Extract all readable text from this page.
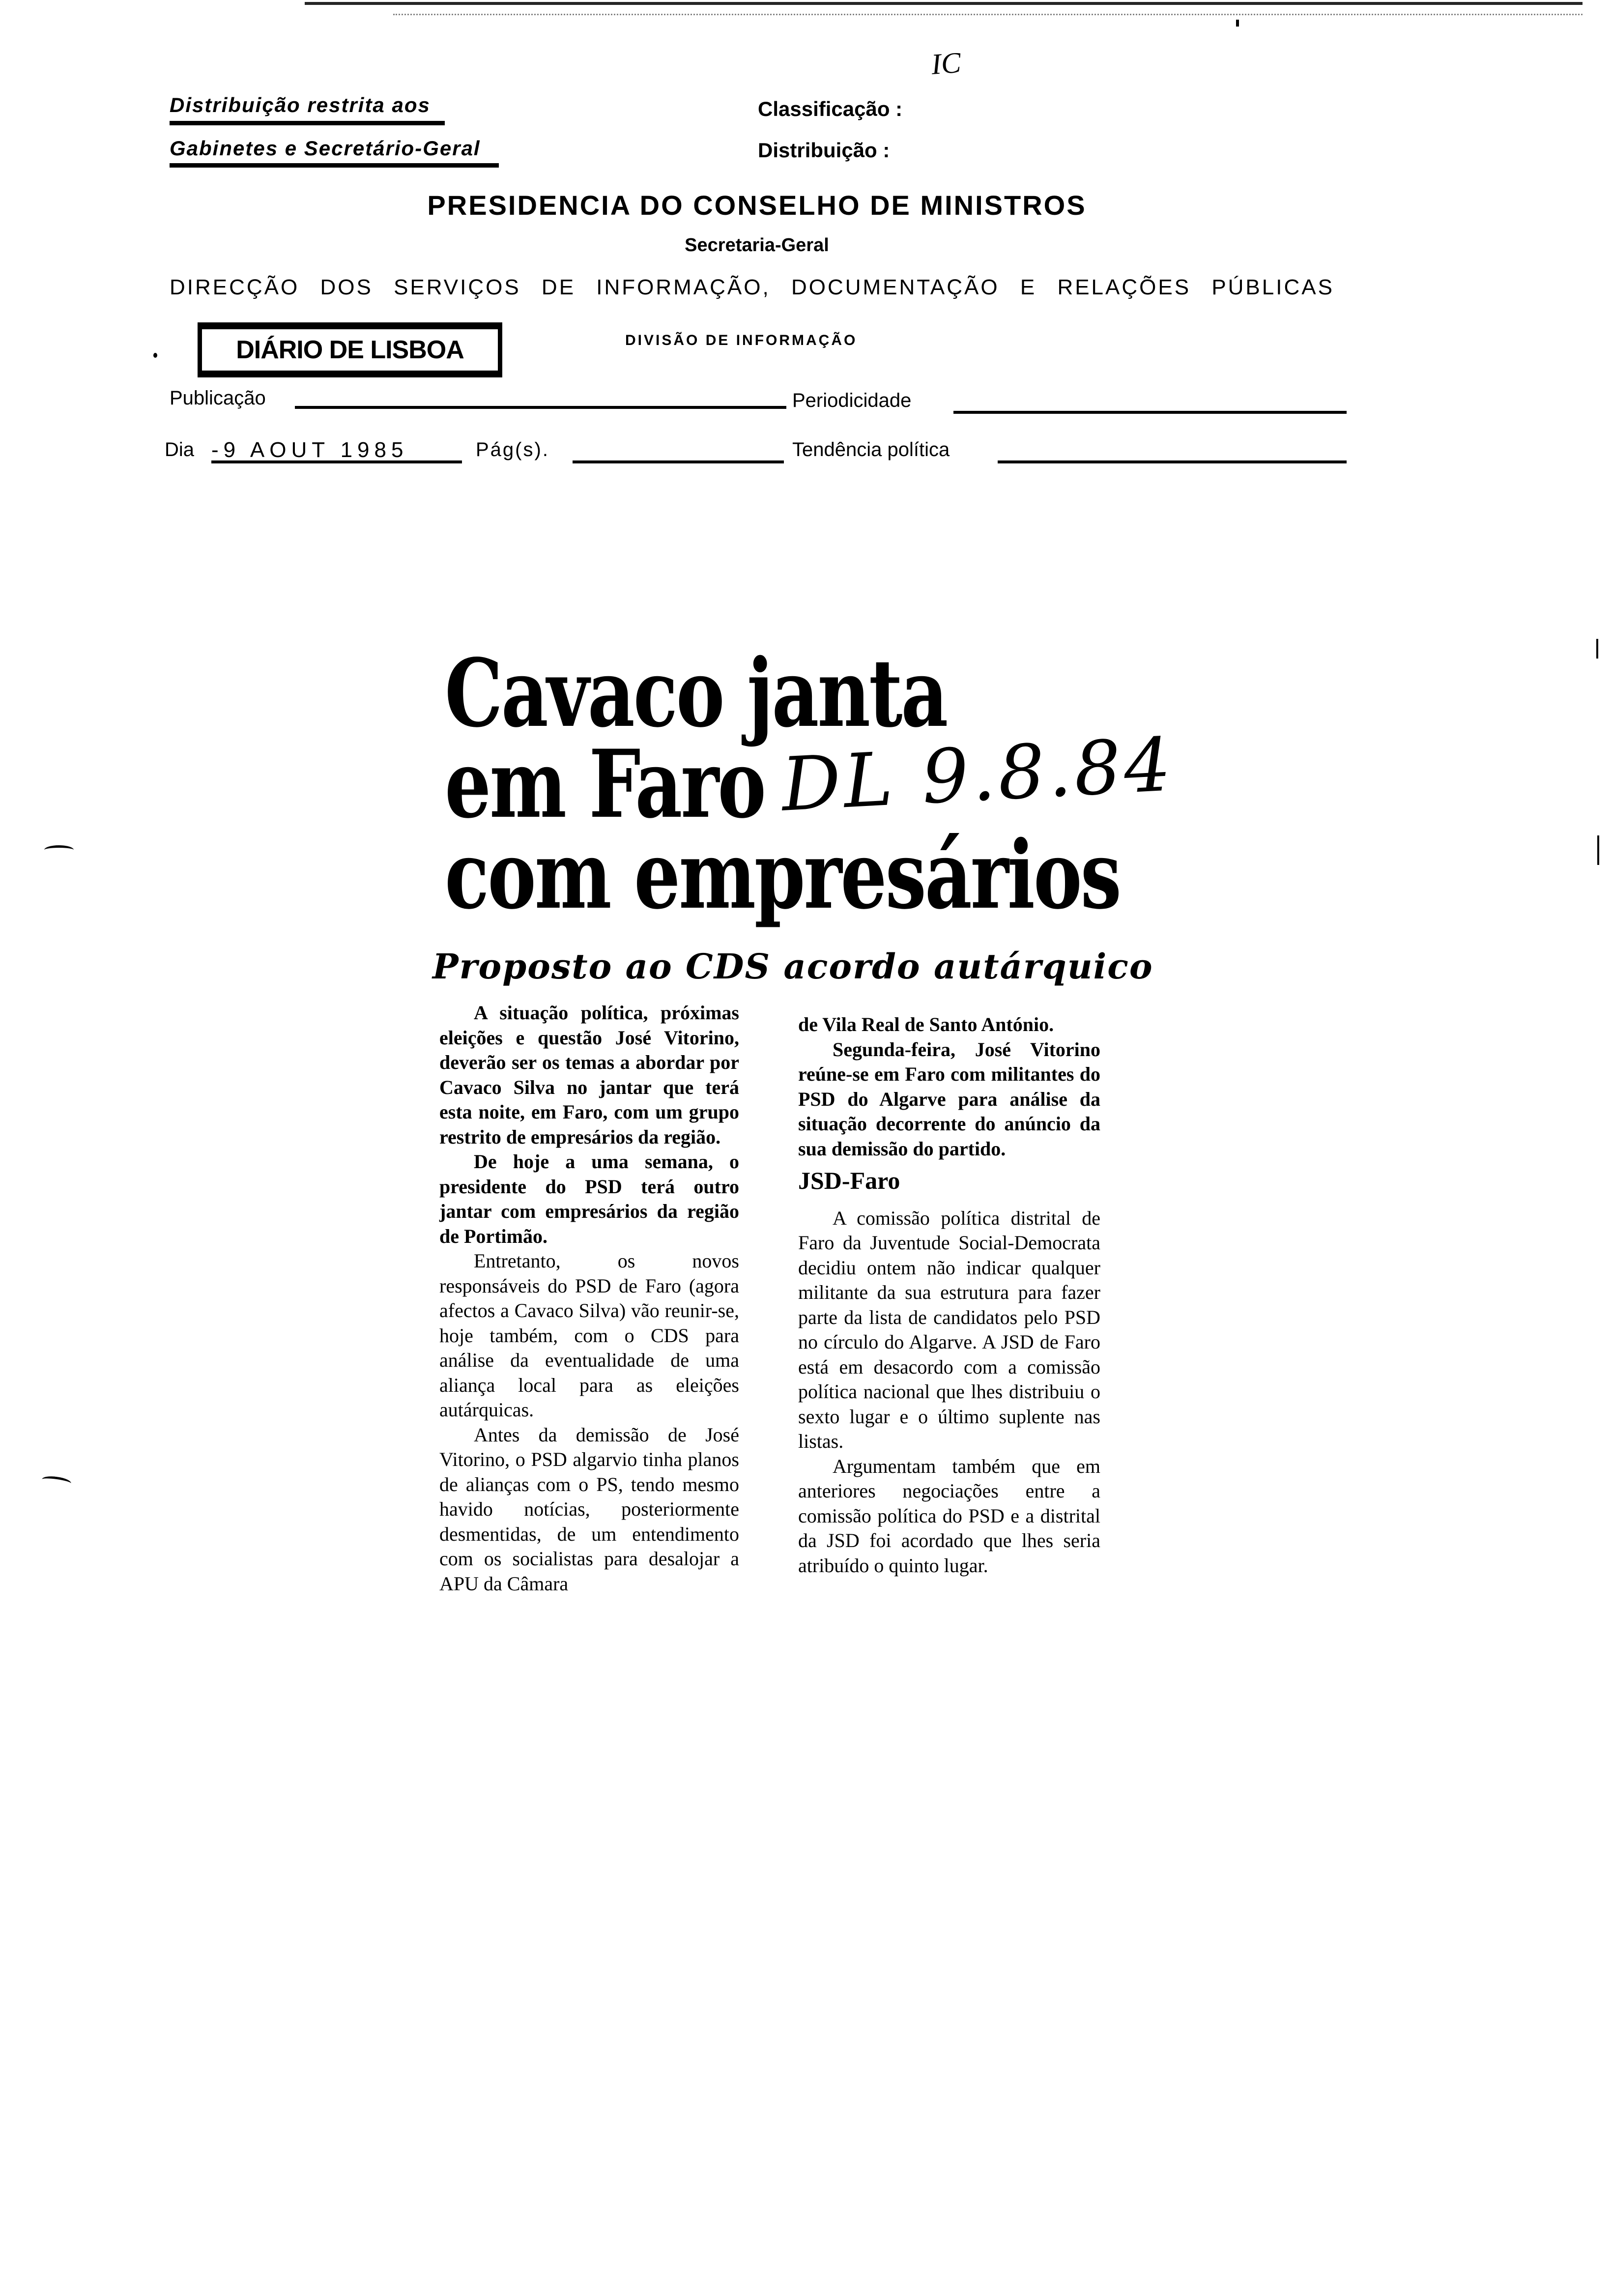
IC
Distribuição restrita aos
Gabinetes e Secretário-Geral
Classificação :
Distribuição :
PRESIDENCIA DO CONSELHO DE MINISTROS
Secretaria-Geral
DIRECÇÃO DOS SERVIÇOS DE INFORMAÇÃO, DOCUMENTAÇÃO E RELAÇÕES PÚBLICAS
DIÁRIO DE LISBOA	DIVISÃO DE INFORMAÇÃO
Publicação	Periodicidade
Dia -9 AOUT 1985	Pág(s).	Tendência política
Cavaco janta
em Faro
com empresários
DL 9.8.84
Proposto ao CDS acordo autárquico

A situação política, próximas eleições e questão José Vitorino, deverão ser os temas a abordar por Cavaco Silva no jantar que terá esta noite, em Faro, com um grupo restrito de empresários da região.

De hoje a uma semana, o presidente do PSD terá outro jantar com empresários da região de Portimão.

Entretanto, os novos responsáveis do PSD de Faro (agora afectos a Cavaco Silva) vão reunir-se, hoje também, com o CDS para análise da eventualidade de uma aliança local para as eleições autárquicas.

Antes da demissão de José Vitorino, o PSD algarvio tinha planos de alianças com o PS, tendo mesmo havido notícias, posteriormente desmentidas, de um entendimento com os socialistas para desalojar a APU da Câmara

de Vila Real de Santo António.

Segunda-feira, José Vitorino reúne-se em Faro com militantes do PSD do Algarve para análise da situação decorrente do anúncio da sua demissão do partido.

JSD-Faro

A comissão política distrital de Faro da Juventude Social-Democrata decidiu ontem não indicar qualquer militante da sua estrutura para fazer parte da lista de candidatos pelo PSD no círculo do Algarve. A JSD de Faro está em desacordo com a comissão política nacional que lhes distribuiu o sexto lugar e o último suplente nas listas.

Argumentam também que em anteriores negociações entre a comissão política do PSD e a distrital da JSD foi acordado que lhes seria atribuído o quinto lugar.
